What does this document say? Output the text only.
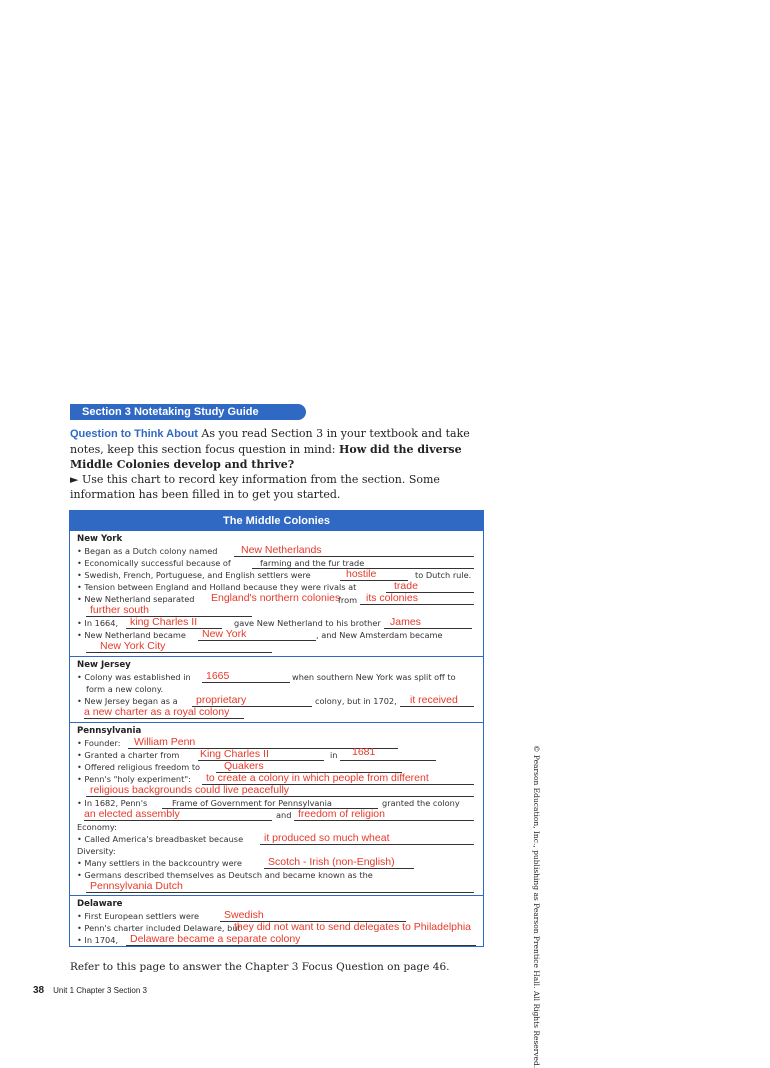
Section 3 Notetaking Study Guide
Question to Think About As you read Section 3 in your textbook and take notes, keep this section focus question in mind: How did the diverse Middle Colonies develop and thrive?
► Use this chart to record key information from the section. Some information has been filled in to get you started.
The Middle Colonies
New York
• Began as a Dutch colony named New Netherlands
• Economically successful because of	farming and the fur trade
• Swedish, French, Portuguese, and English settlers were	hostile	to Dutch rule.
• Tension between England and Holland because they were rivals at	trade
• New Netherland separated England's northern colonies
from its colonies
further south
• In 1664, king Charles II	gave New Netherland to his brother James
• New Netherland became New York	, and New Amsterdam became
New York City
New Jersey
• Colony was established in 1665	when southern New York was split off to
form a new colony.
• New Jersey began as a proprietary	colony, but in 1702, it received
a new charter as a royal colony
Pennsylvania
• Founder: William Penn
• Granted a charter from King Charles II	in 1681
• Offered religious freedom to Quakers
• Penn's "holy experiment": to create a colony in which people from different
religious backgrounds could live peacefully
• In 1682, Penn's	Frame of Government for Pennsylvania	granted the colony
an elected assembly	and freedom of religion
Economy:
• Called America's breadbasket because it produced so much wheat
Diversity:
• Many settlers in the backcountry were Scotch - Irish (non-English)
• Germans described themselves as Deutsch and became known as the
Pennsylvania Dutch
Delaware
• First European settlers were Swedish
• Penn's charter included Delaware, but
they did not want to send delegates to Philadelphia
• In 1704, Delaware became a separate colony
Refer to this page to answer the Chapter 3 Focus Question on page 46.
38 Unit 1 Chapter 3 Section 3	© Pearson Education, Inc., publishing as Pearson Prentice Hall. All Rights Reserved.
